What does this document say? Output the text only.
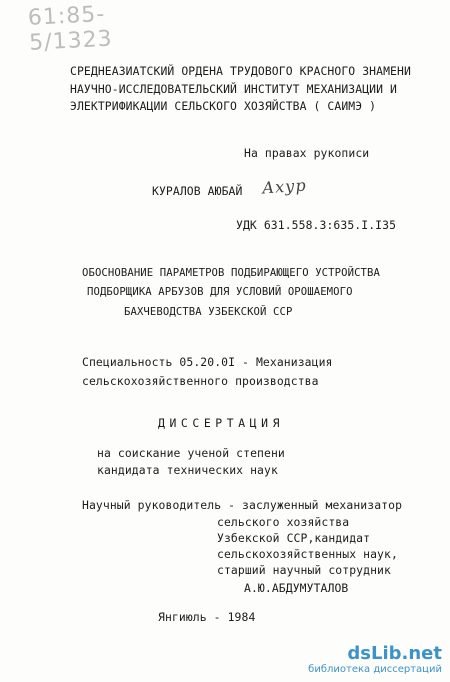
61:85-5/1323
СРЕДНЕАЗИАТСКИЙ ОРДЕНА ТРУДОВОГО КРАСНОГО ЗНАМЕНИ
НАУЧНО-ИССЛЕДОВАТЕЛЬСКИЙ ИНСТИТУТ МЕХАНИЗАЦИИ И
ЭЛЕКТРИФИКАЦИИ СЕЛЬСКОГО ХОЗЯЙСТВА ( САИМЭ )
На правах рукописи
КУРАЛОВ АЮБАЙ Ахур
УДК 631.558.3:635.I.I35
ОБОСНОВАНИЕ ПАРАМЕТРОВ ПОДБИРАЮЩЕГО УСТРОЙСТВА
ПОДБОРЩИКА АРБУЗОВ ДЛЯ УСЛОВИЙ ОРОШАЕМОГО
БАХЧЕВОДСТВА УЗБЕКСКОЙ ССР
Специальность 05.20.0I - Механизация
сельскохозяйственного производства
ДИССЕРТАЦИЯ
на соискание ученой степени
кандидата технических наук
Научный руководитель - заслуженный механизатор
сельского хозяйства
Узбекской ССР,кандидат
сельскохозяйственных наук,
старший научный сотрудник
А.Ю.АБДУМУТАЛОВ
Янгиюль - 1984
dsLib.net
библиотека диссертаций
